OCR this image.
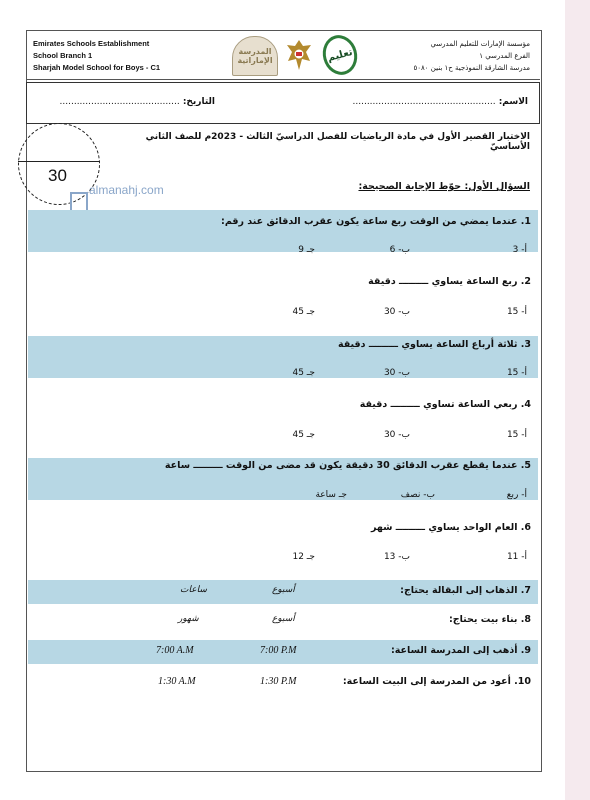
Emirates Schools Establishment
School Branch 1
Sharjah Model School for Boys - C1
المدرسة الإماراتية	تعليم
مؤسسة الإمارات للتعليم المدرسي
الفرع المدرسي ١
مدرسة الشارقة النموذجية ح١ بنين ٥٠٨٠
الاسم: ..................................................
التاريخ: ..........................................
الاختبار القصير الأول في مادة الرياضيات للفصل الدراسيّ الثالث - 2023م للصف الثاني الأساسيّ
30
almanahj.com	السؤال الأول: حوّط الإجابة الصحيحة:
1. عندما يمضي من الوقت ربع ساعة يكون عقرب الدقائق عند رقم:
أ- 3
ب- 6
جـ 9
2. ربع الساعة يساوي ـــــــــ دقيقة
أ- 15
ب- 30
جـ 45
3. ثلاثة أرباع الساعة يساوي ـــــــــ دقيقة
أ- 15
ب- 30
جـ 45
4. ربعي الساعة تساوي ـــــــــ دقيقة
أ- 15
ب- 30
جـ 45
5. عندما يقطع عقرب الدقائق 30 دقيقة يكون قد مضى من الوقت ـــــــــ ساعة
أ- ربع
ب- نصف
جـ ساعة
6. العام الواحد يساوي ـــــــــ شهر
أ- 11
ب- 13
جـ 12
7. الذهاب إلى البقالة يحتاج:
أسبوع
ساعات
8. بناء بيت يحتاج:
أسبوع
شهور
9. أذهب إلى المدرسة الساعة:
7:00 P.M
7:00 A.M
10. أعود من المدرسة إلى البيت الساعة:
1:30 P.M
1:30 A.M
